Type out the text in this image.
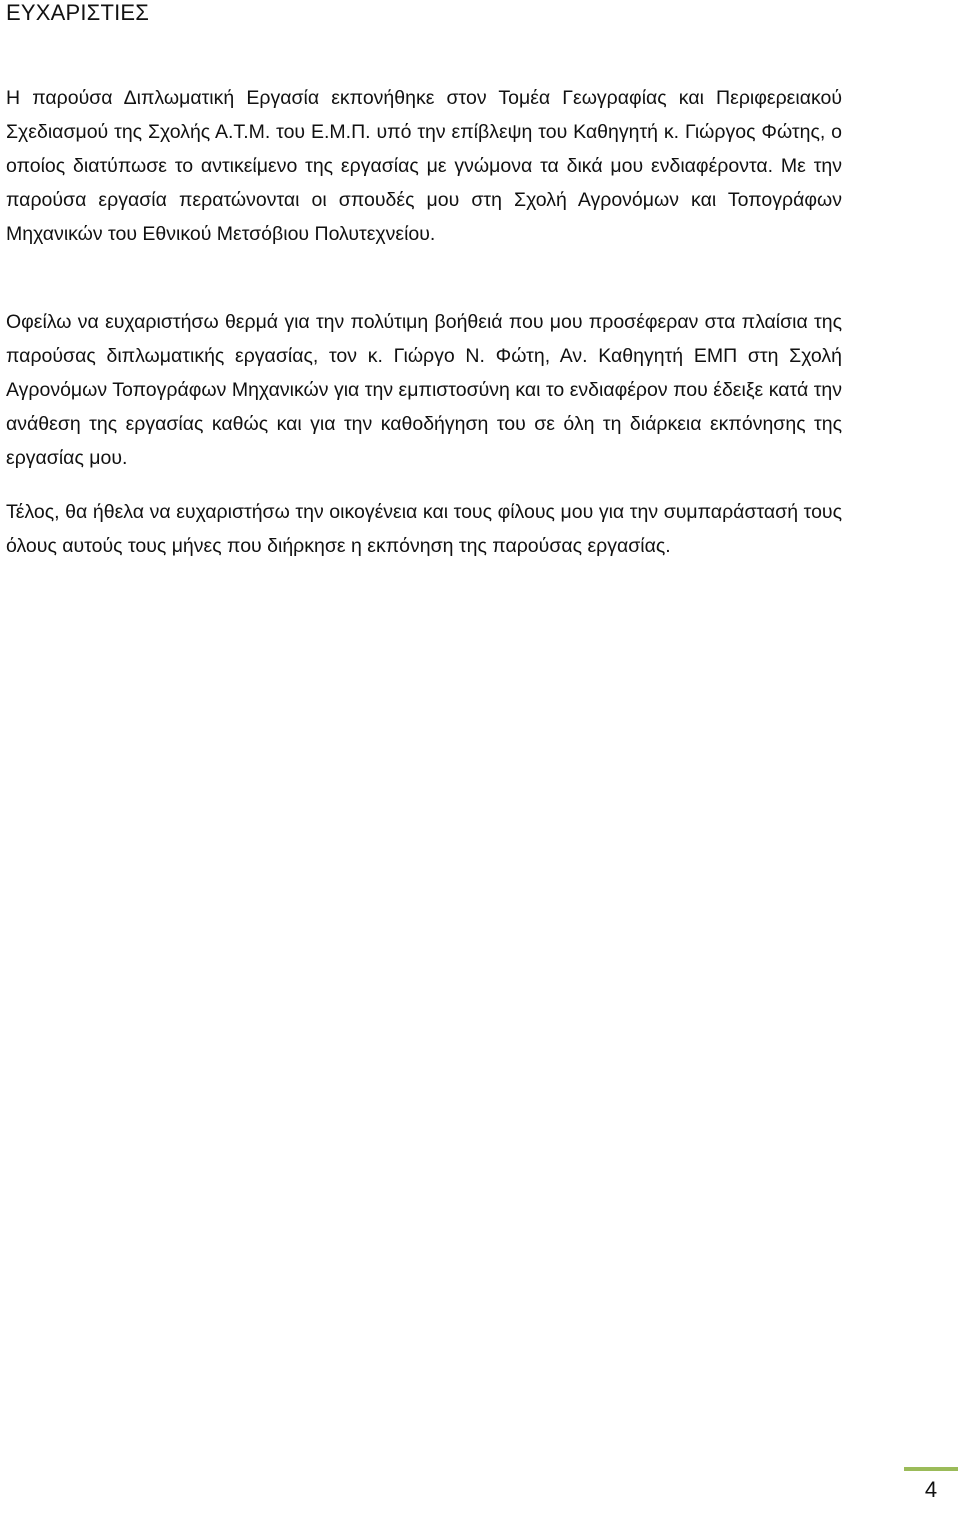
ΕΥΧΑΡΙΣΤΙΕΣ

Η παρούσα Διπλωματική Εργασία εκπονήθηκε στον Τομέα Γεωγραφίας και Περιφερειακού Σχεδιασμού της Σχολής Α.Τ.Μ. του Ε.Μ.Π. υπό την επίβλεψη του Καθηγητή κ. Γιώργος Φώτης, ο οποίος διατύπωσε το αντικείμενο της εργασίας με γνώμονα τα δικά μου ενδιαφέροντα. Με την παρούσα εργασία περατώνονται οι σπουδές μου στη Σχολή Αγρονόμων και Τοπογράφων Μηχανικών του Εθνικού Μετσόβιου Πολυτεχνείου.

Οφείλω να ευχαριστήσω θερμά για την πολύτιμη βοήθειά που μου προσέφεραν στα πλαίσια της παρούσας διπλωματικής εργασίας, τον κ. Γιώργο Ν. Φώτη, Αν. Καθηγητή ΕΜΠ στη Σχολή Αγρονόμων Τοπογράφων Μηχανικών για την εμπιστοσύνη και το ενδιαφέρον που έδειξε κατά την ανάθεση της εργασίας καθώς και για την καθοδήγηση του σε όλη τη διάρκεια εκπόνησης της εργασίας μου.

Τέλος, θα ήθελα να ευχαριστήσω την οικογένεια και τους φίλους μου για την συμπαράστασή τους όλους αυτούς τους μήνες που διήρκησε η εκπόνηση της παρούσας εργασίας.

4
